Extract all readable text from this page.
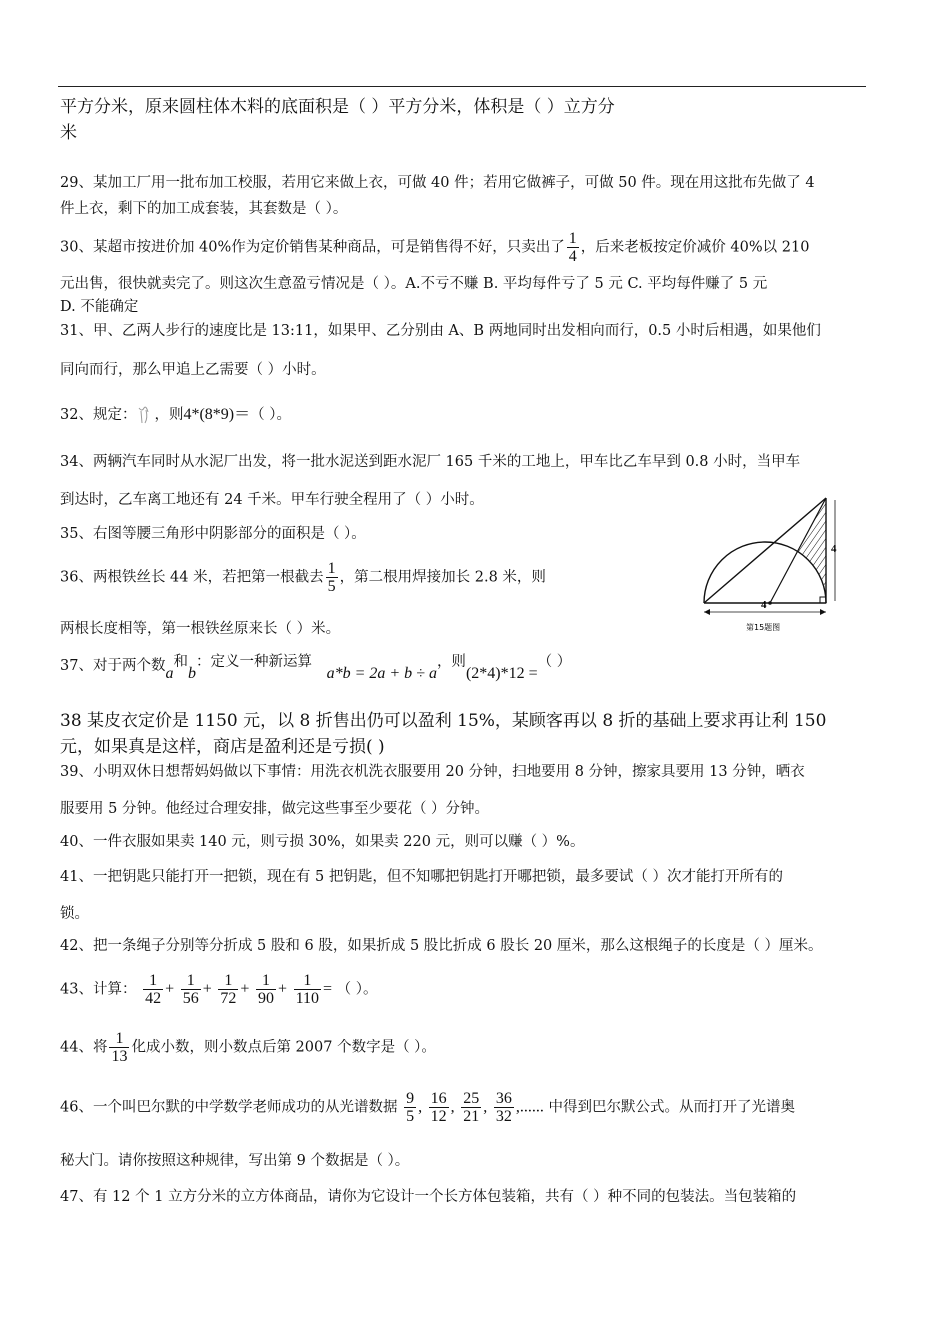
平方分米，原来圆柱体木料的底面积是（ ）平方分米，体积是（ ）立方分
米
29、某加工厂用一批布加工校服，若用它来做上衣，可做 40 件；若用它做裤子，可做 50 件。现在用这批布先做了 4
件上衣，剩下的加工成套装，其套数是（ ）。
30、某超市按进价加 40%作为定价销售某种商品，可是销售得不好，只卖出了 $\frac{1}{4}$ ，后来老板按定价减价 40%以 210
元出售，很快就卖完了。则这次生意盈亏情况是（ ）。A.不亏不赚 B. 平均每件亏了 5 元 C. 平均每件赚了 5 元
D. 不能确定
31、甲、乙两人步行的速度比是 13:11，如果甲、乙分别由 A、B 两地同时出发相向而行，0.5 小时后相遇，如果他们
同向而行，那么甲追上乙需要（ ）小时。
32、规定： ，则4*(8*9)＝（ ）。
34、两辆汽车同时从水泥厂出发，将一批水泥送到距水泥厂 165 千米的工地上，甲车比乙车早到 0.8 小时，当甲车
到达时，乙车离工地还有 24 千米。甲车行驶全程用了（ ）小时。
35、右图等腰三角形中阴影部分的面积是（ ）。
36、两根铁丝长 44 米，若把第一根截去 $\frac{1}{5}$ ，第二根用焊接加长 2.8 米，则
两根长度相等，第一根铁丝原来长（ ）米。
37、对于两个数a和b：定义一种新运算 a*b = 2a + b ÷ a，则(2*4)*12 =（ ）
38 某皮衣定价是 1150 元，以 8 折售出仍可以盈利 15%，某顾客再以 8 折的基础上要求再让利 150
元，如果真是这样，商店是盈利还是亏损( )
39、小明双休日想帮妈妈做以下事情：用洗衣机洗衣服要用 20 分钟，扫地要用 8 分钟，擦家具要用 13 分钟，晒衣
服要用 5 分钟。他经过合理安排，做完这些事至少要花（ ）分钟。
40、一件衣服如果卖 140 元，则亏损 30%，如果卖 220 元，则可以赚（ ）%。
41、一把钥匙只能打开一把锁，现在有 5 把钥匙，但不知哪把钥匙打开哪把锁，最多要试（ ）次才能打开所有的
锁。
42、把一条绳子分别等分折成 5 股和 6 股，如果折成 5 股比折成 6 股长 20 厘米，那么这根绳子的长度是（ ）厘米。
43、计算： $\frac{1}{42} + \frac{1}{56} + \frac{1}{72} + \frac{1}{90} + \frac{1}{110}$ = （ ）。
44、将 $\frac{1}{13}$ 化成小数，则小数点后第 2007 个数字是（ ）。
46、一个叫巴尔默的中学数学老师成功的从光谱数据 $\frac{9}{5}$ , $\frac{16}{12}$ , $\frac{25}{21}$ , $\frac{36}{32}$ ,...... 中得到巴尔默公式。从而打开了光谱奥
秘大门。请你按照这种规律，写出第 9 个数据是（ ）。
47、有 12 个 1 立方分米的立方体商品，请你为它设计一个长方体包装箱，共有（ ）种不同的包装法。当包装箱的
4
4
第15题图
